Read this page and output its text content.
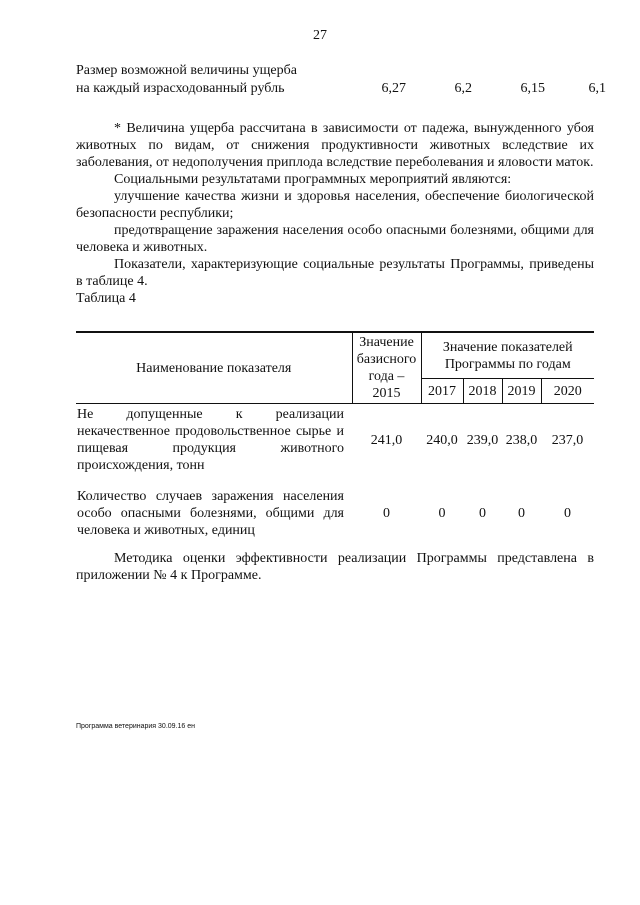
27
Размер возможной величины ущерба
на каждый израсходованный рубль	6,27	6,2	6,15	6,1

* Величина ущерба рассчитана в зависимости от падежа, вынужденного убоя животных по видам, от снижения продуктивности животных вследствие их заболевания, от недополучения приплода вследствие переболевания и яловости маток.

Социальными результатами программных мероприятий являются:

улучшение качества жизни и здоровья населения, обеспечение биологической безопасности республики;

предотвращение заражения населения особо опасными болезнями, общими для человека и животных.

Показатели, характеризующие социальные результаты Программы, приведены в таблице 4.

Таблица 4

Наименование показателя	Значение базисного года – 2015	Значение показателей Программы по годам			
		2017	2018	2019	2020
Не допущенные к реализации некачественное продовольственное сырье и пищевая продукция животного происхождения, тонн	241,0	240,0	239,0	238,0	237,0

Количество случаев заражения населения особо опасными болезнями, общими для человека и животных, единиц	0	0	0	0	0

Методика оценки эффективности реализации Программы представлена в приложении № 4 к Программе.

Программа ветеринария 30.09.16 ен
